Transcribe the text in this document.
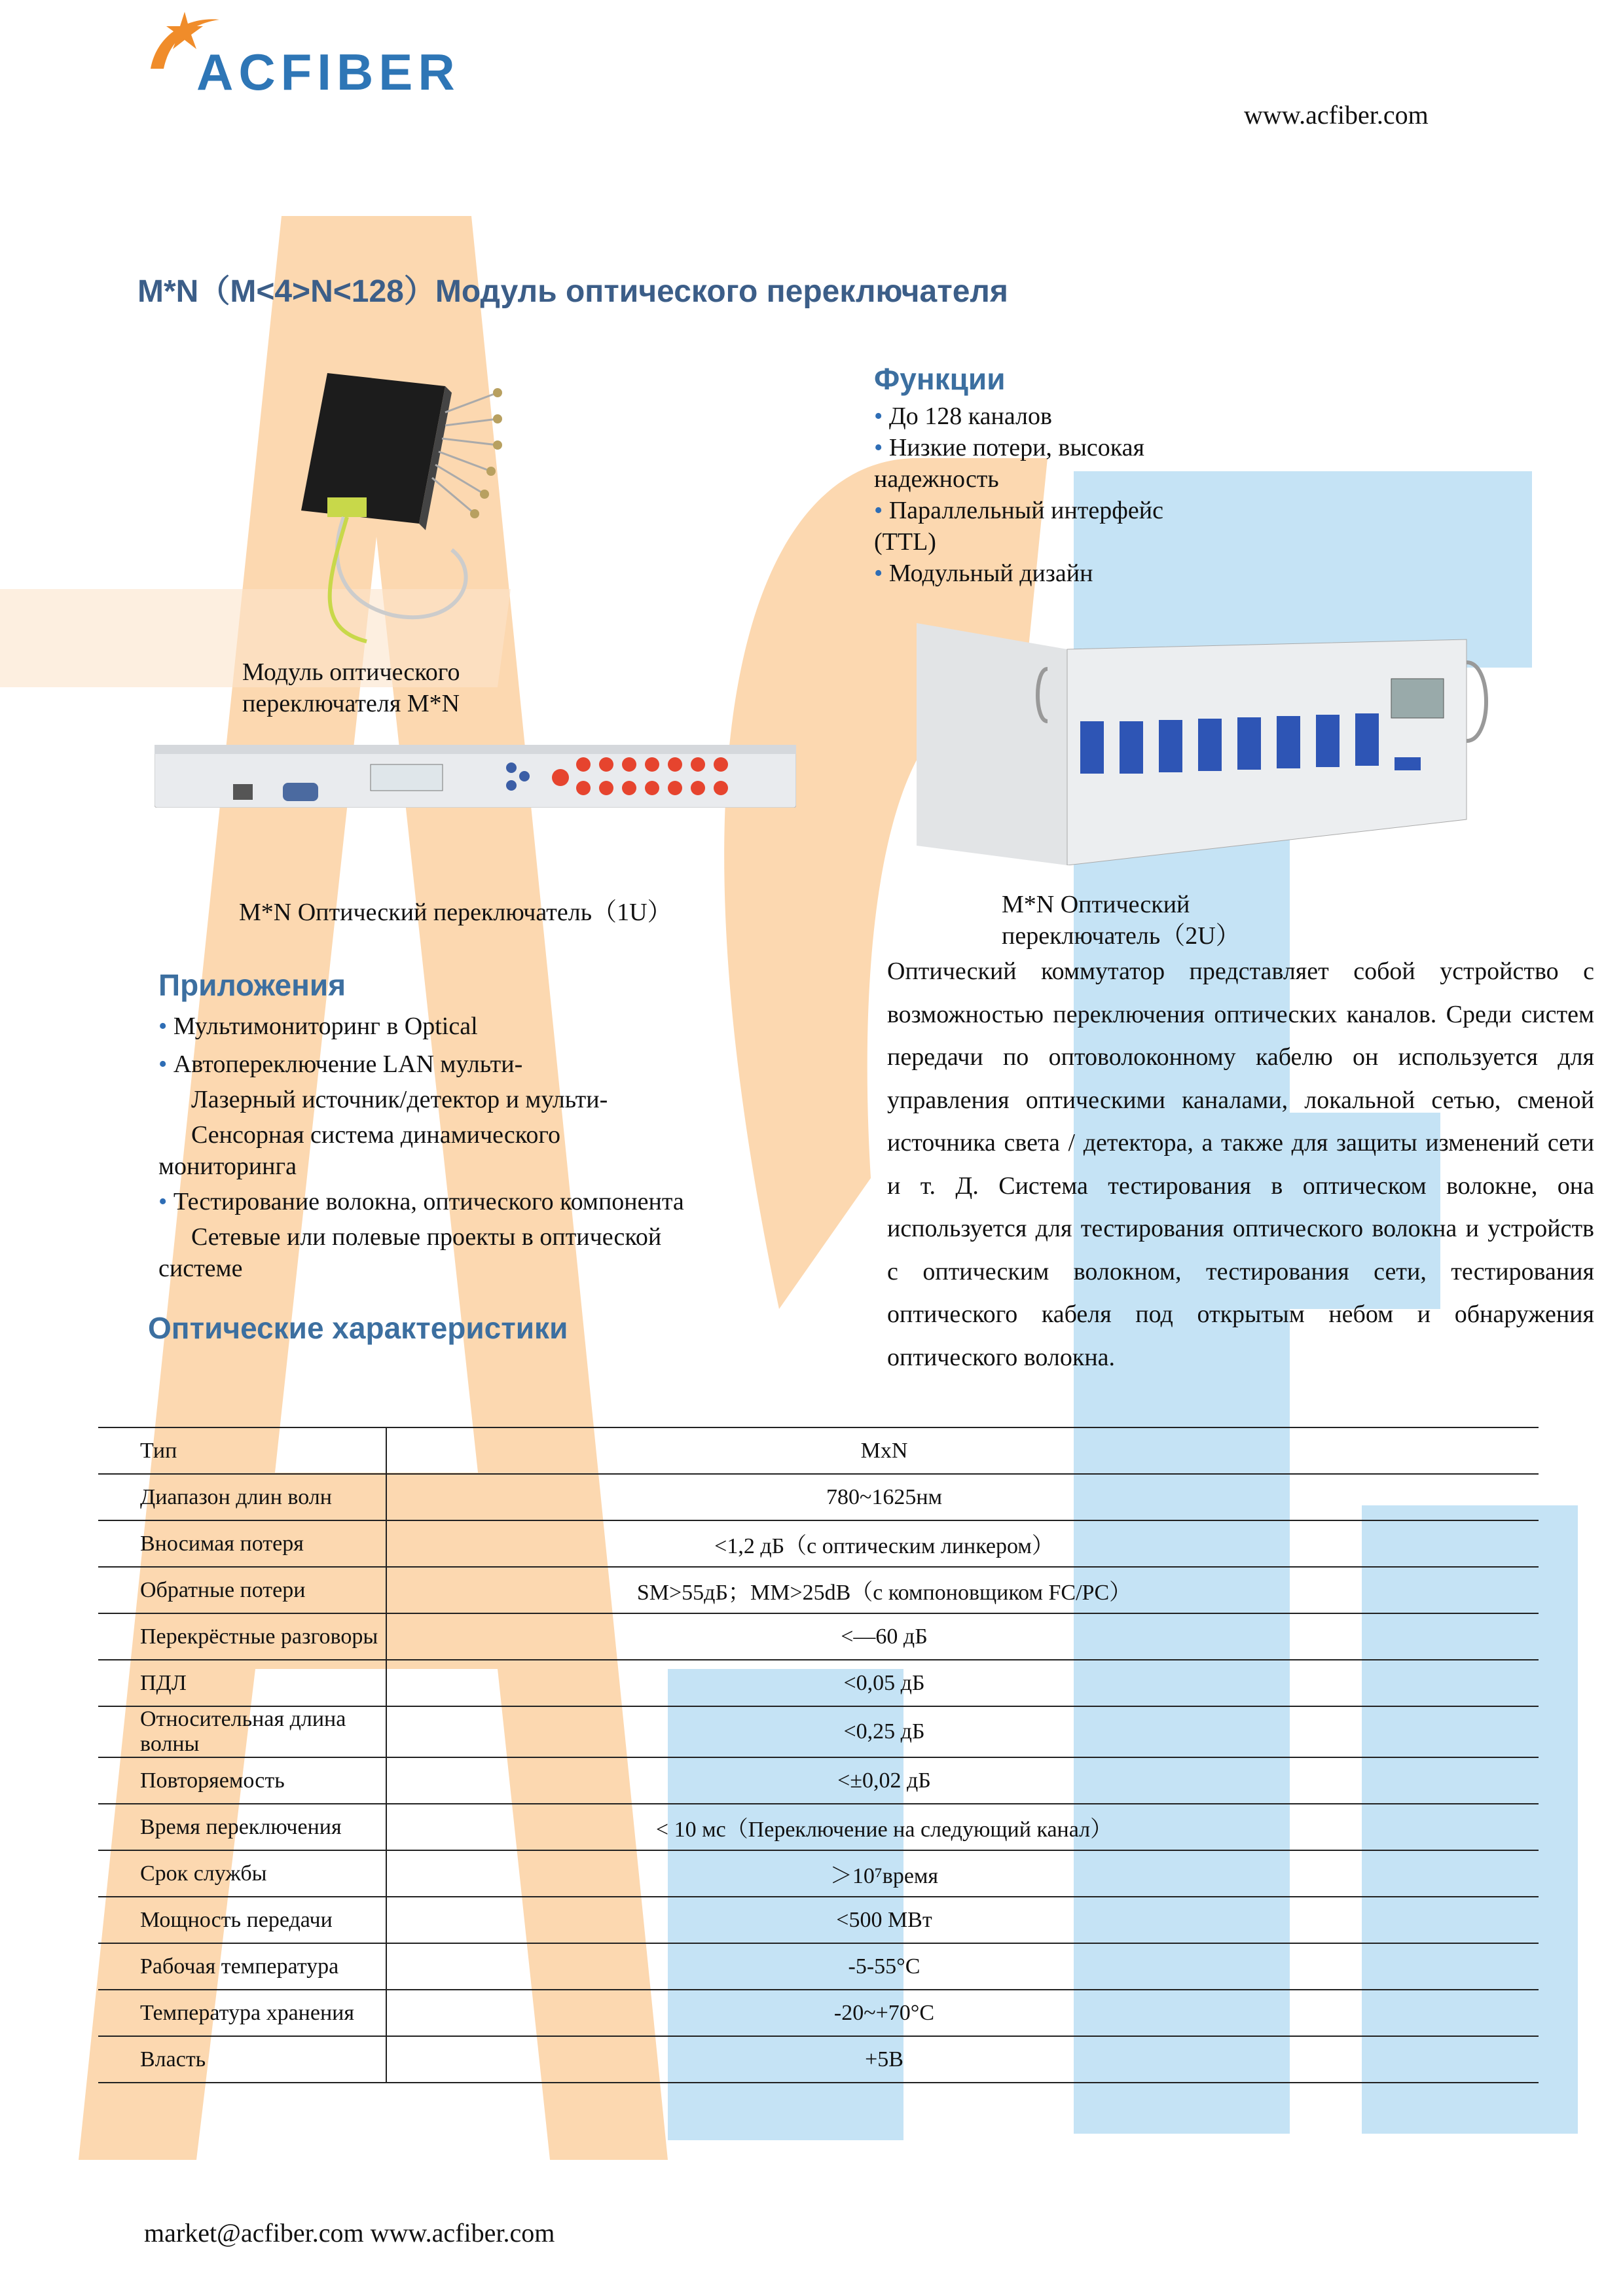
ACFIBER
www.acfiber.com
M*N（M<4>N<128）Модуль оптического переключателя
Функции
• До 128 каналов
• Низкие потери, высокая надежность
• Параллельный интерфейс (TTL)
• Модульный дизайн
Модуль оптического переключателя M*N
M*N Оптический переключатель（1U）	M*N Оптический переключатель（2U）
Приложения
• Мультимониторинг в Optical
• Автопереключение LAN мульти-
Лазерный источник/детектор и мульти-
Сенсорная система динамического мониторинга
• Тестирование волокна, оптического компонента
Сетевые или полевые проекты в оптической системе
Оптический коммутатор представляет собой устройство с возможностью переключения оптических каналов. Среди систем передачи по оптоволоконному кабелю он используется для управления оптическими каналами, локальной сетью, сменой источника света / детектора, а также для защиты изменений сети и т. Д. Система тестирования в оптическом волокне, она используется для тестирования оптического волокна и устройств с оптическим волокном, тестирования сети, тестирования оптического кабеля под открытым небом и обнаружения оптического волокна.
Оптические характеристики
Тип	MxN
Диапазон длин волн	780~1625нм
Вносимая потеря	<1,2 дБ（с оптическим линкером）
Обратные потери	SM>55дБ；MM>25dB（с компоновщиком FC/PC）
Перекрёстные разговоры	<—60 дБ
ПДЛ	<0,05 дБ
Относительная длина волны	<0,25 дБ
Повторяемость	<±0,02 дБ
Время переключения	< 10 мс（Переключение на следующий канал）
Срок службы	＞10⁷время
Мощность передачи	<500 МВт
Рабочая температура	-5-55°C
Температура хранения	-20~+70°C
Власть	+5В
market@acfiber.com www.acfiber.com
